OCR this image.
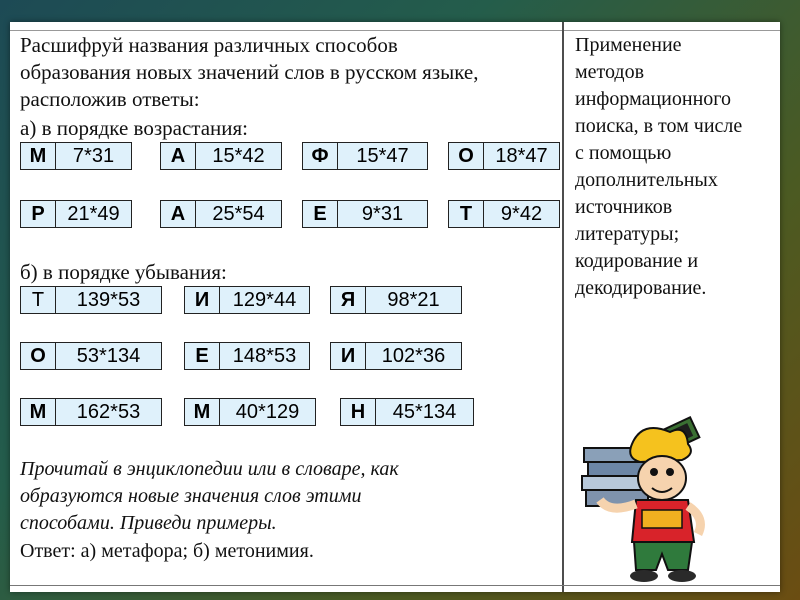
Расшифруй названия различных способов
образования новых значений слов в русском языке,
расположив ответы:
а) в порядке возрастания:
М	7*31	А	15*42	Ф	15*47	О	18*47
Р	21*49	А	25*54	Е	9*31	Т	9*42
б) в порядке убывания:
Т	139*53	И	129*44	Я	98*21
О	53*134	Е	148*53	И	102*36
М	162*53	М	40*129	Н	45*134
Прочитай в энциклопедии или в словаре, как
образуются новые значения слов этими
способами. Приведи примеры.
Ответ: а) метафора; б) метонимия.
Применение
методов
информационного
поиска, в том числе
с помощью
дополнительных
источников
литературы;
кодирование и
декодирование.
